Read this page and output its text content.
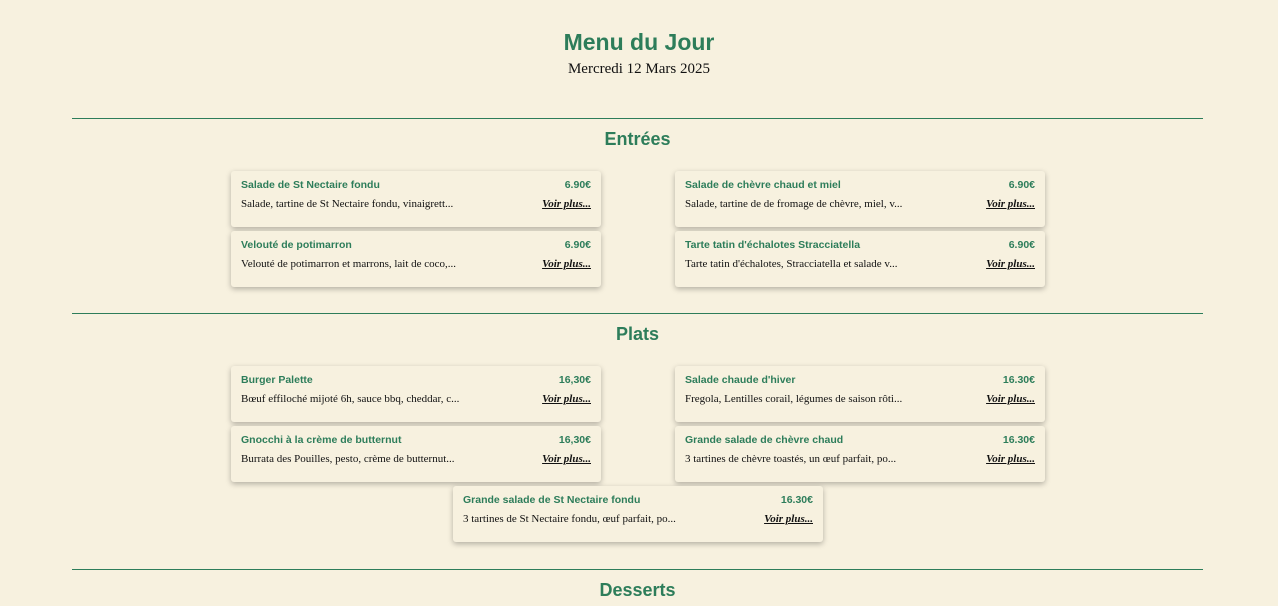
Menu du Jour
Mercredi 12 Mars 2025
Entrées
Salade de St Nectaire fondu	6.90€
Salade, tartine de St Nectaire fondu, vinaigrett...	Voir plus...
Salade de chèvre chaud et miel	6.90€
Salade, tartine de de fromage de chèvre, miel, v...	Voir plus...
Velouté de potimarron	6.90€
Velouté de potimarron et marrons, lait de coco,...	Voir plus...
Tarte tatin d'échalotes Stracciatella	6.90€
Tarte tatin d'échalotes, Stracciatella et salade v...	Voir plus...
Plats
Burger Palette	16,30€
Bœuf effiloché mijoté 6h, sauce bbq, cheddar, c...	Voir plus...
Salade chaude d'hiver	16.30€
Fregola, Lentilles corail, légumes de saison rôti...	Voir plus...
Gnocchi à la crème de butternut	16,30€
Burrata des Pouilles, pesto, crème de butternut...	Voir plus...
Grande salade de chèvre chaud	16.30€
3 tartines de chèvre toastés, un œuf parfait, po...	Voir plus...
Grande salade de St Nectaire fondu	16.30€
3 tartines de St Nectaire fondu, œuf parfait, po...	Voir plus...
Desserts
